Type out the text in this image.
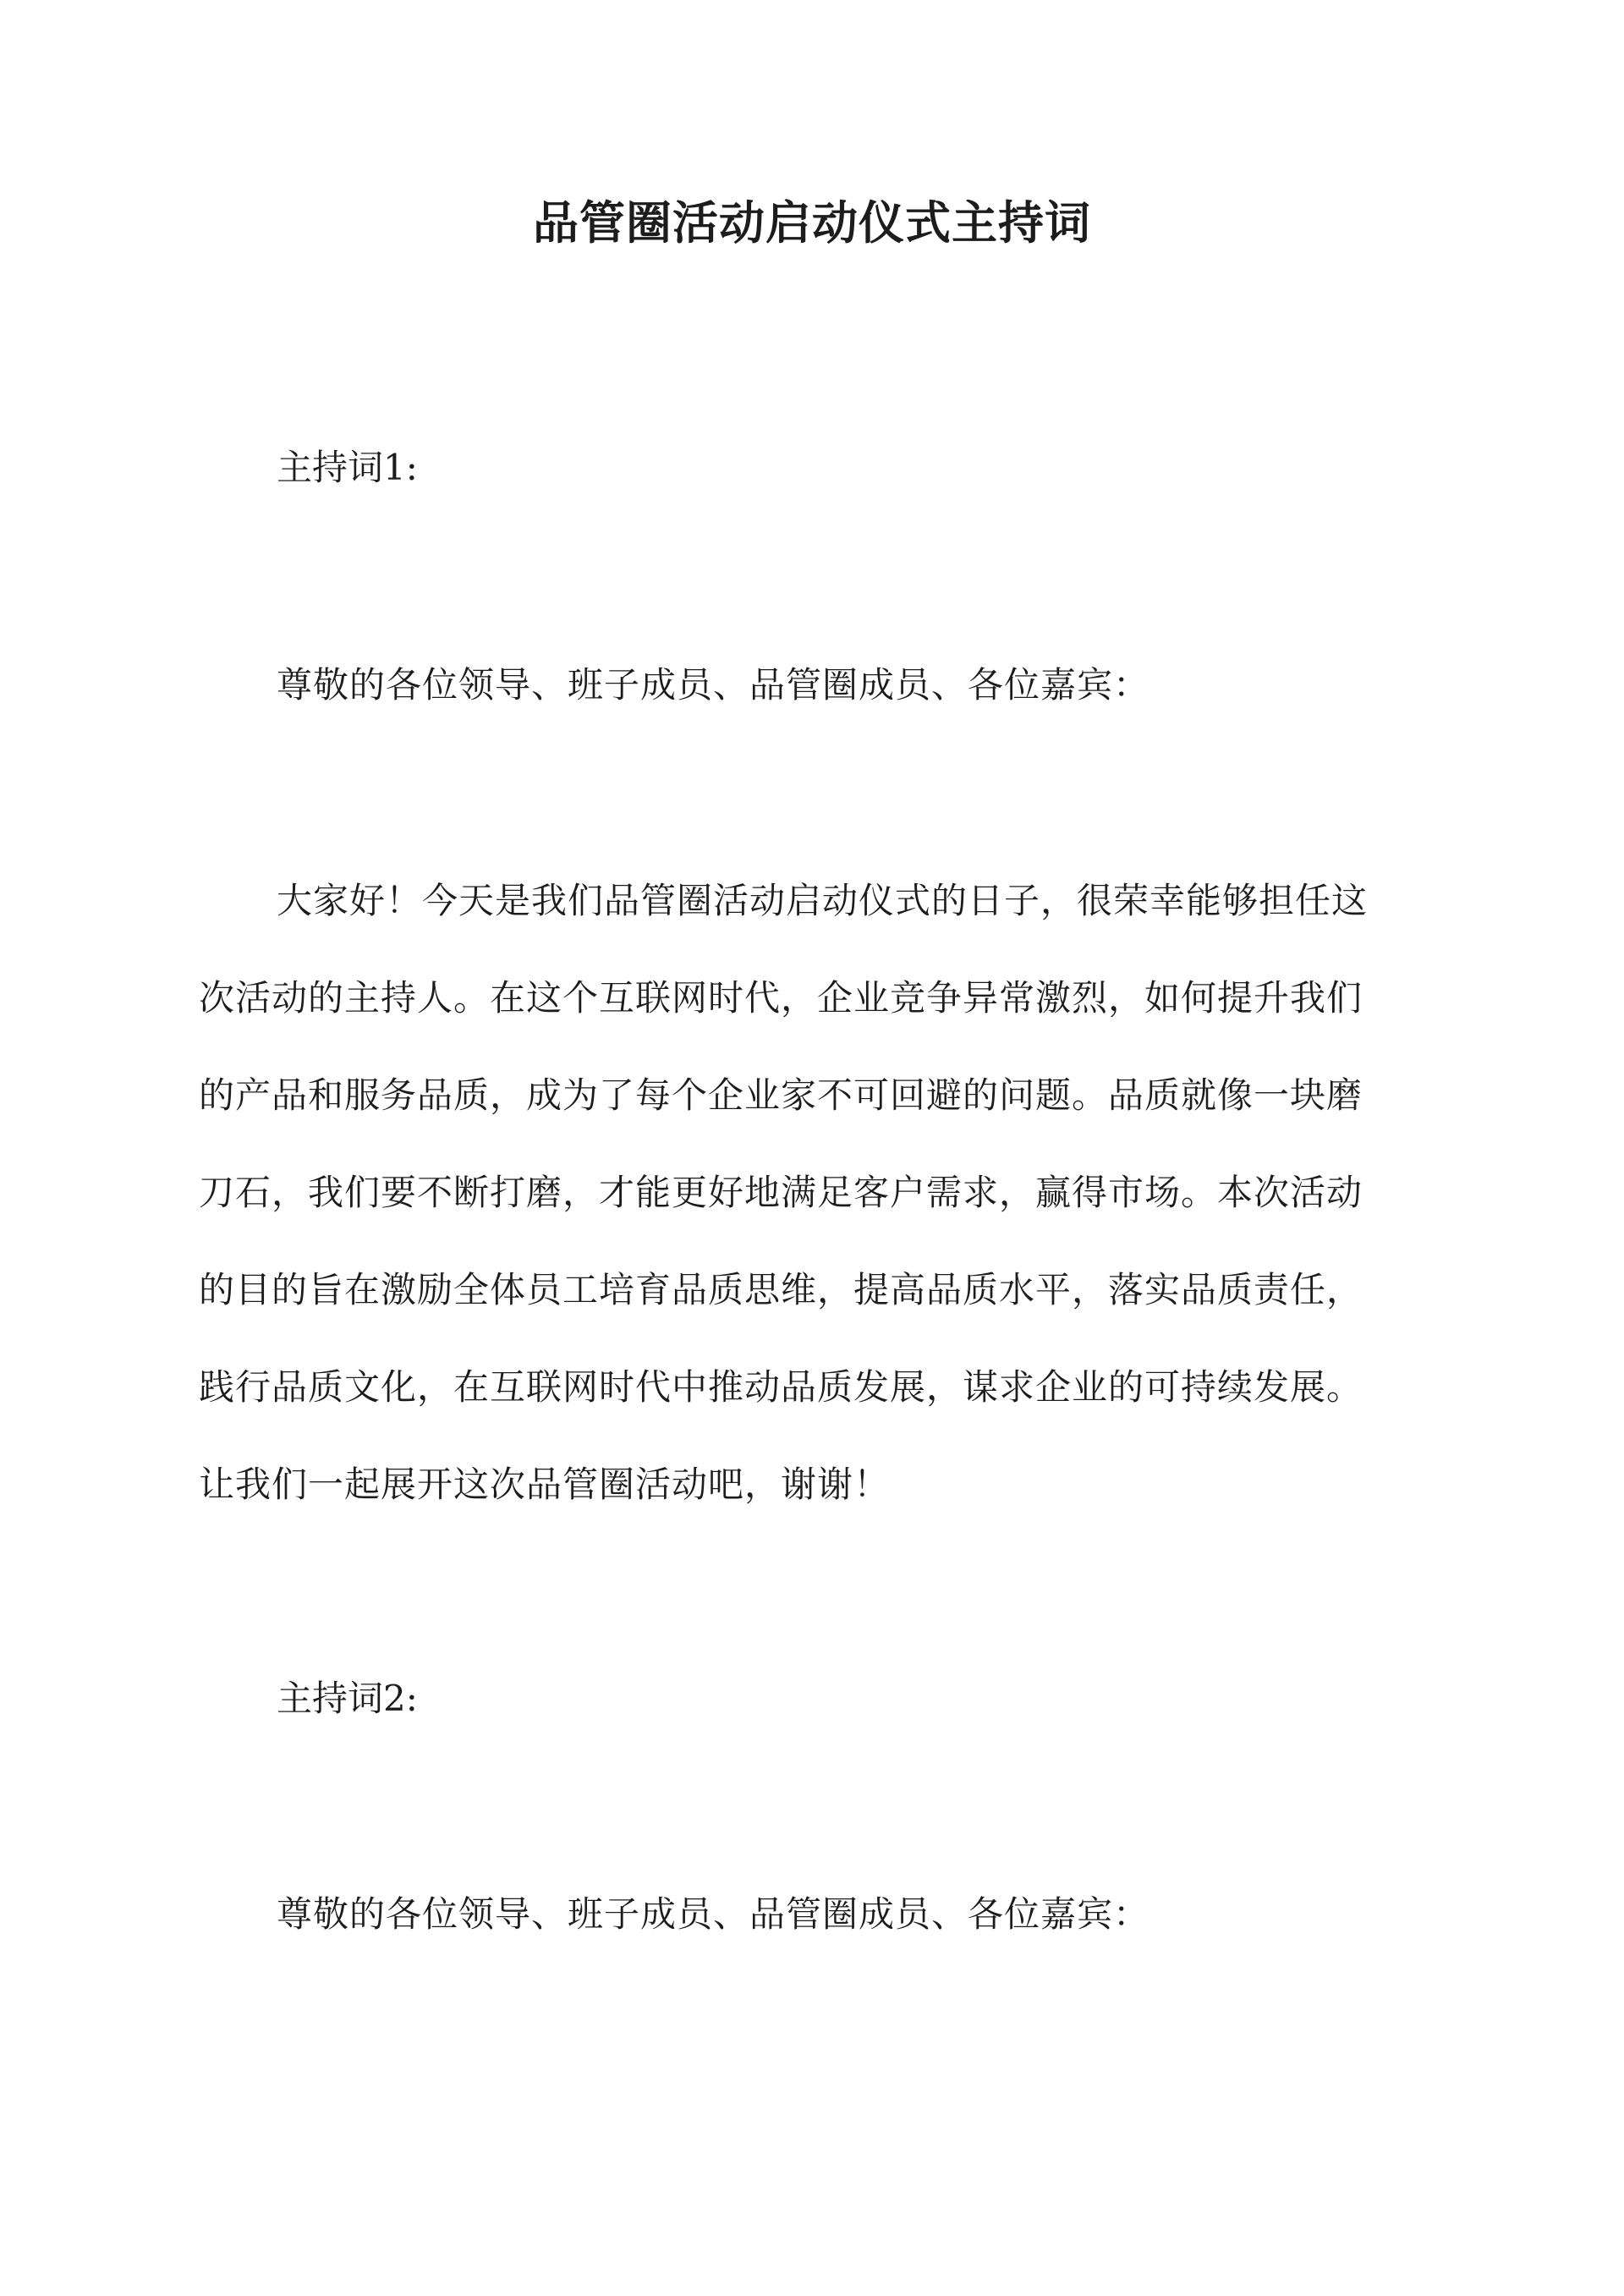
品管圈活动启动仪式主持词

主持词1:

尊敬的各位领导、班子成员、品管圈成员、各位嘉宾：

大家好！今天是我们品管圈活动启动仪式的日子，很荣幸能够担任这

次活动的主持人。在这个互联网时代，企业竞争异常激烈，如何提升我们

的产品和服务品质，成为了每个企业家不可回避的问题。品质就像一块磨

刀石，我们要不断打磨，才能更好地满足客户需求，赢得市场。本次活动

的目的旨在激励全体员工培育品质思维，提高品质水平，落实品质责任，

践行品质文化，在互联网时代中推动品质发展，谋求企业的可持续发展。

让我们一起展开这次品管圈活动吧，谢谢！

主持词2:

尊敬的各位领导、班子成员、品管圈成员、各位嘉宾：
